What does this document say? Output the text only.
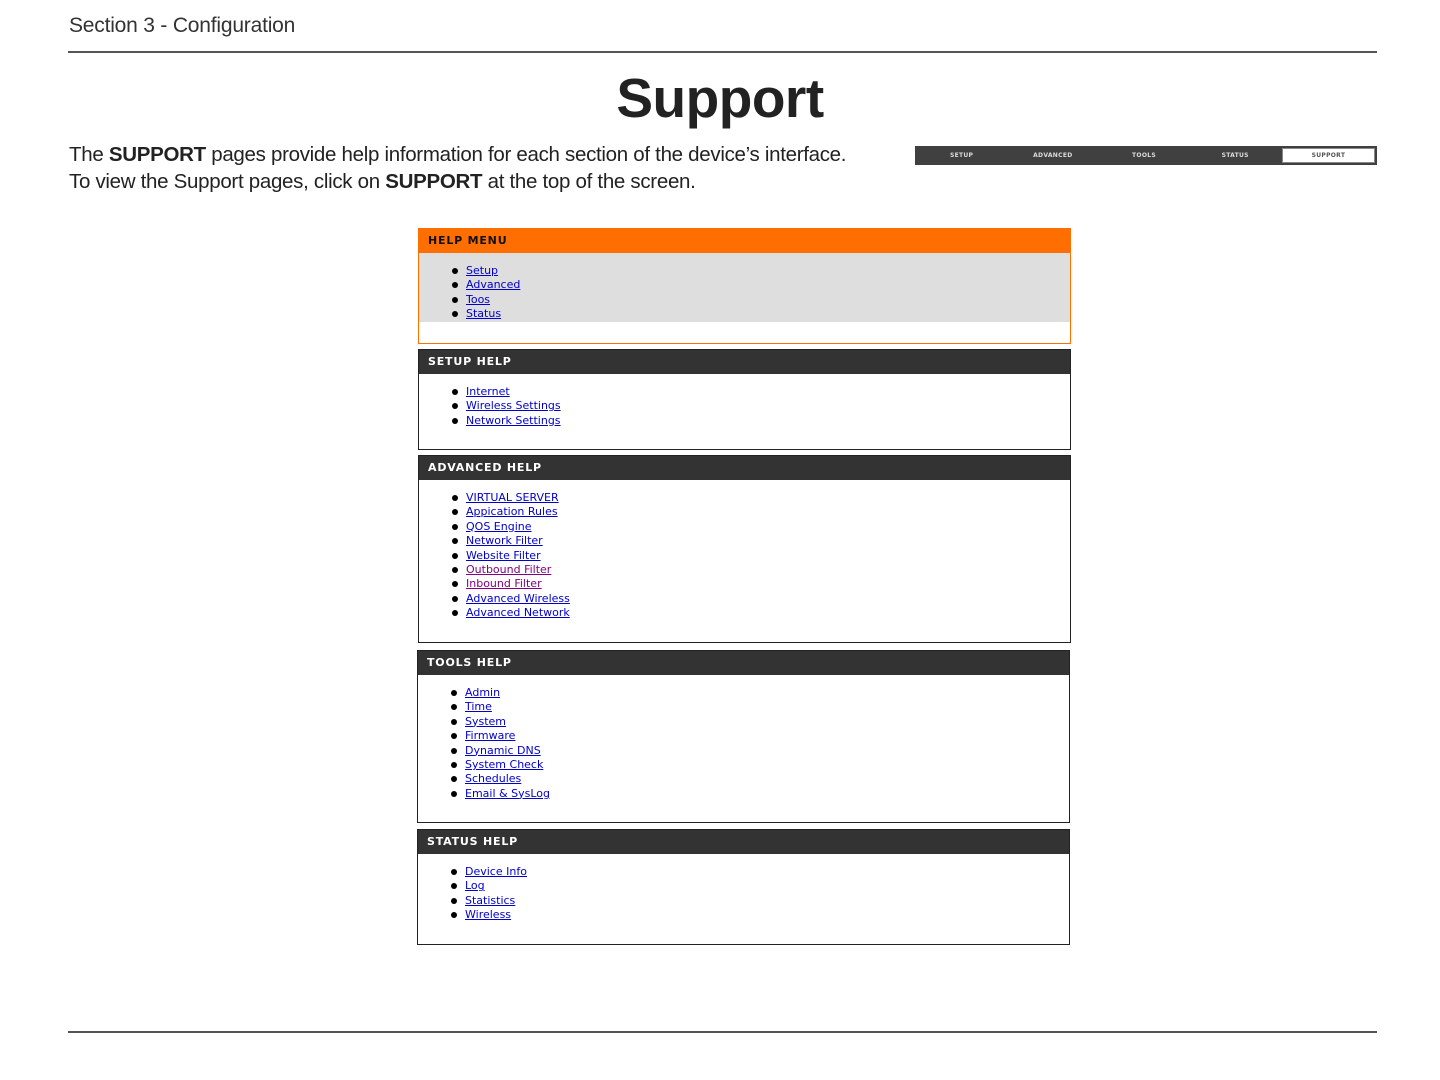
Section 3 - Configuration
Support
The SUPPORT pages provide help information for each section of the device’s interface.
To view the Support pages, click on SUPPORT at the top of the screen.
SETUP	ADVANCED	TOOLS	STATUS	SUPPORT
HELP MENU
Setup
Advanced
Toos
Status
SETUP HELP
Internet
Wireless Settings
Network Settings
ADVANCED HELP
VIRTUAL SERVER
Appication Rules
QOS Engine
Network Filter
Website Filter
Outbound Filter
Inbound Filter
Advanced Wireless
Advanced Network
TOOLS HELP
Admin
Time
System
Firmware
Dynamic DNS
System Check
Schedules
Email & SysLog
STATUS HELP
Device Info
Log
Statistics
Wireless
